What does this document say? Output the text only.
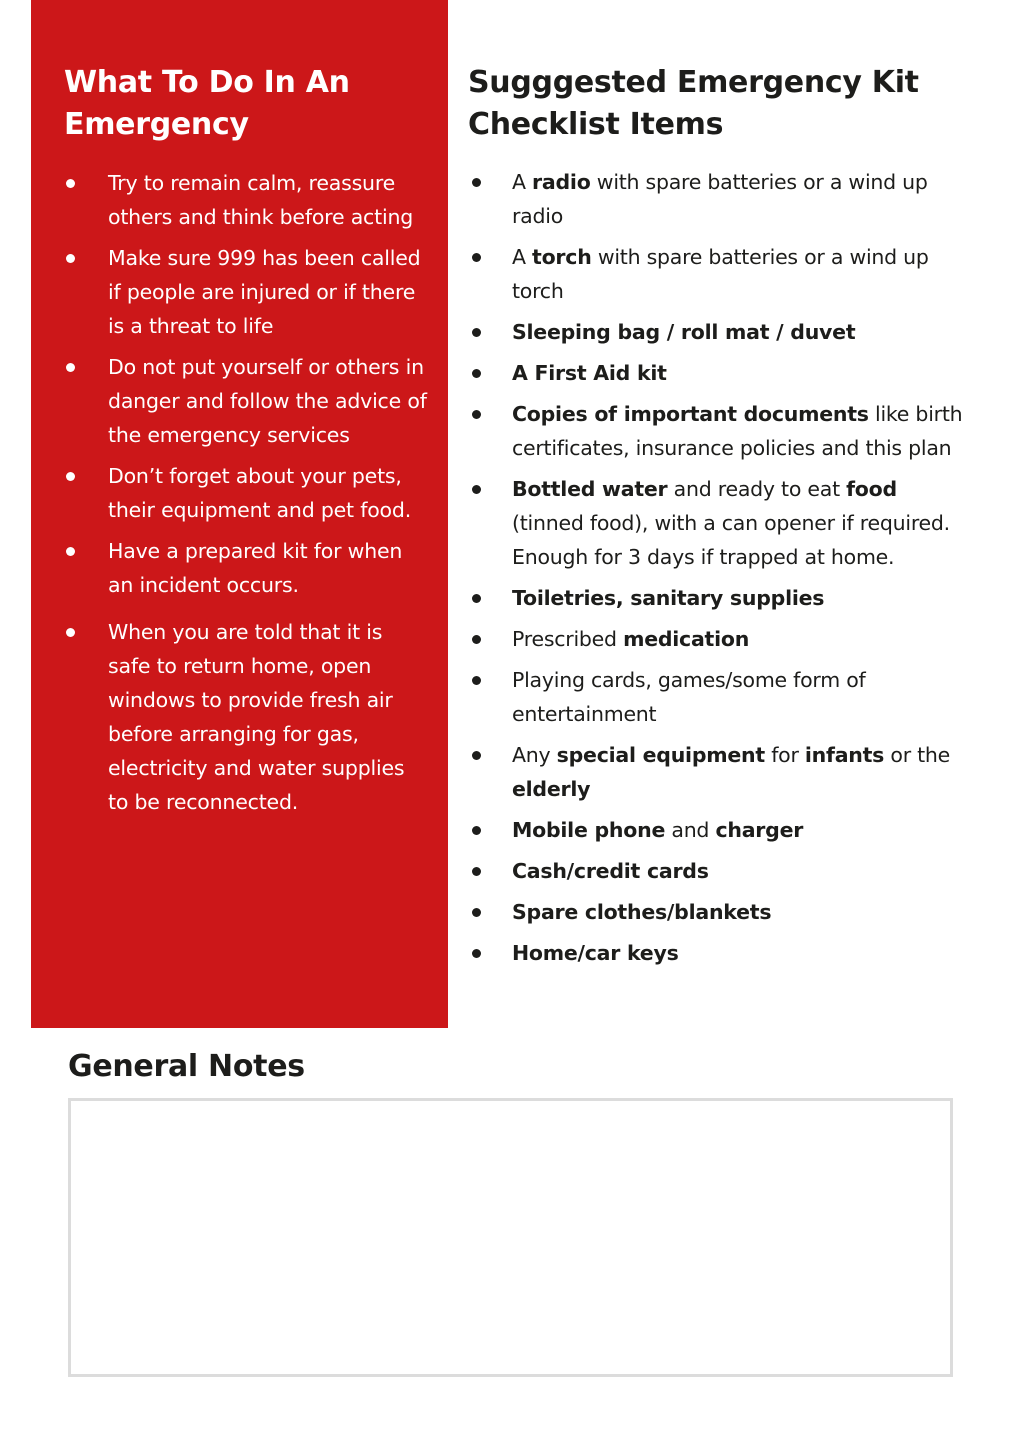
What To Do In An Emergency
Try to remain calm, reassure others and think before acting
Make sure 999 has been called if people are injured or if there is a threat to life
Do not put yourself or others in danger and follow the advice of the emergency services
Don’t forget about your pets, their equipment and pet food.
Have a prepared kit for when an incident occurs.
When you are told that it is safe to return home, open windows to provide fresh air before arranging for gas, electricity and water supplies to be reconnected.
Sugggested Emergency Kit Checklist Items
A radio with spare batteries or a wind up radio
A torch with spare batteries or a wind up torch
Sleeping bag / roll mat / duvet
A First Aid kit
Copies of important documents like birth certificates, insurance policies and this plan
Bottled water and ready to eat food (tinned food), with a can opener if required. Enough for 3 days if trapped at home.
Toiletries, sanitary supplies
Prescribed medication
Playing cards, games/some form of entertainment
Any special equipment for infants or the elderly
Mobile phone and charger
Cash/credit cards
Spare clothes/blankets
Home/car keys
General Notes
